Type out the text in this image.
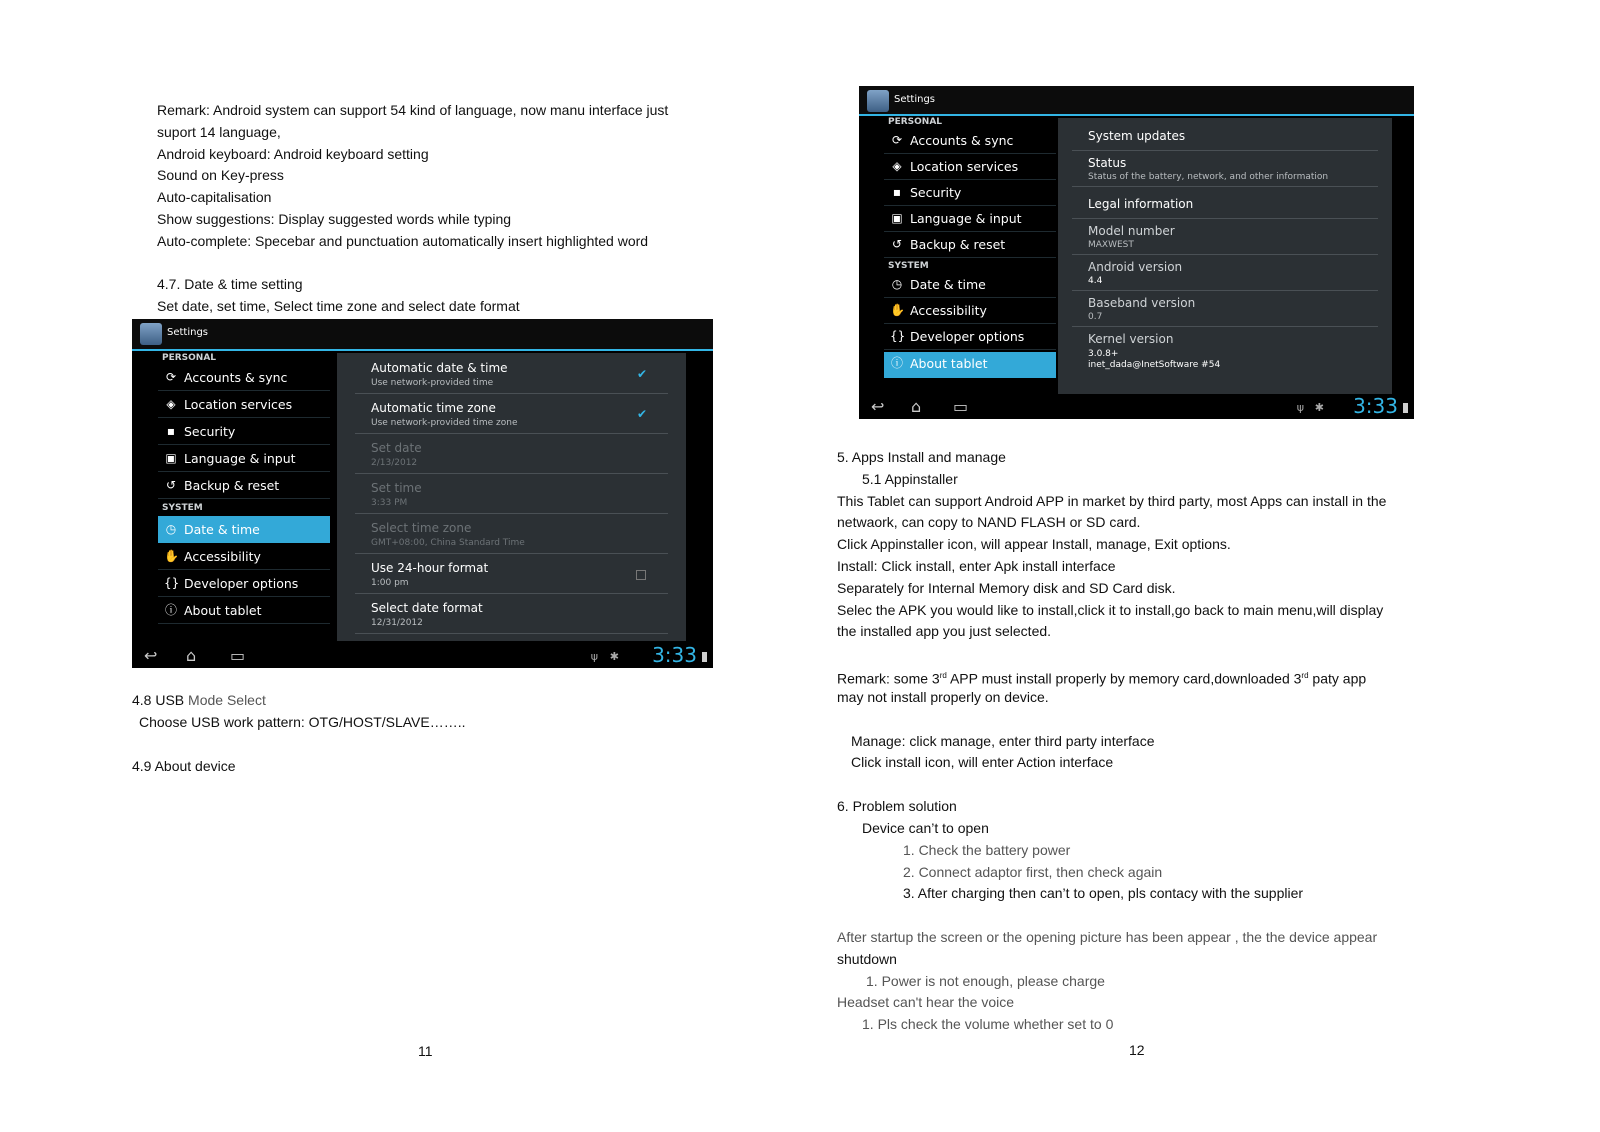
Remark: Android system can support 54 kind of language, now manu interface just
suport 14 language,
Android keyboard: Android keyboard setting
Sound on Key-press
Auto-capitalisation
Show suggestions: Display suggested words while typing
Auto-complete: Specebar and punctuation automatically insert highlighted word
4.7. Date & time setting
Set date, set time, Select time zone and select date format
Settings
PERSONAL
⟳ Accounts & sync
◈ Location services
▪ Security
▣ Language & input
↺ Backup & reset
SYSTEM
◷ Date & time
✋ Accessibility
{} Developer options
ⓘ About tablet
Automatic date & time
Use network-provided time
✔
Automatic time zone
Use network-provided time zone
✔
Set date
2/13/2012
Set time
3:33 PM
Select time zone
GMT+08:00, China Standard Time
Use 24-hour format
1:00 pm
Select date format
12/31/2012
↩ ⌂ ▭	ψ ✱ 3:33
4.8 USB Mode Select
Choose USB work pattern: OTG/HOST/SLAVE……..
4.9 About device
11
Settings
PERSONAL
⟳ Accounts & sync
◈ Location services
▪ Security
▣ Language & input
↺ Backup & reset
SYSTEM
◷ Date & time
✋ Accessibility
{} Developer options
ⓘ About tablet
System updates
Status
Status of the battery, network, and other information
Legal information
Model number
MAXWEST
Android version
4.4
Baseband version
0.7
Kernel version
3.0.8+
inet_dada@InetSoftware #54
↩ ⌂ ▭	ψ ✱ 3:33
5. Apps Install and manage
5.1 Appinstaller
This Tablet can support Android APP in market by third party, most Apps can install in the
netwaork, can copy to NAND FLASH or SD card.
Click Appinstaller icon, will appear Install, manage, Exit options.
Install: Click install, enter Apk install interface
Separately for Internal Memory disk and SD Card disk.
Selec the APK you would like to install,click it to install,go back to main menu,will display
the installed app you just selected.
Remark: some 3rd APP must install properly by memory card,downloaded 3rd paty app
may not install properly on device.
Manage: click manage, enter third party interface
Click install icon, will enter Action interface
6. Problem solution
Device can’t to open
1. Check the battery power
2. Connect adaptor first, then check again
3. After charging then can’t to open, pls contacy with the supplier
After startup the screen or the opening picture has been appear , the the device appear
shutdown
1. Power is not enough, please charge
Headset can't hear the voice
1. Pls check the volume whether set to 0
12
